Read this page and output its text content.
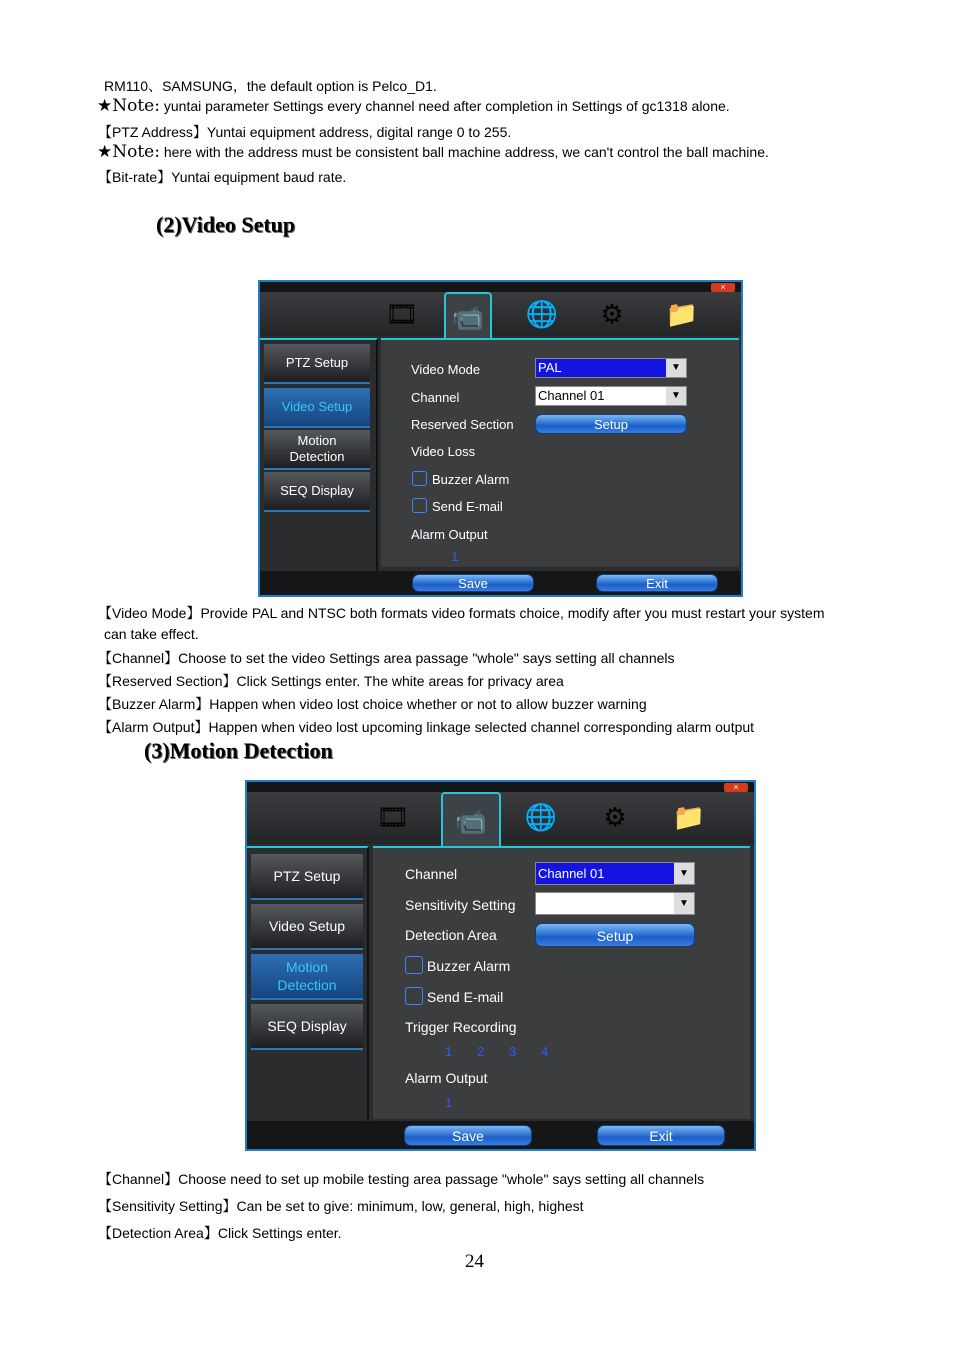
RM110、SAMSUNG，the default option is Pelco_D1.
★Note: yuntai parameter Settings every channel need after completion in Settings of gc1318 alone.
【PTZ Address】Yuntai equipment address, digital range 0 to 255.
★Note: here with the address must be consistent ball machine address, we can't control the ball machine.
【Bit-rate】Yuntai equipment baud rate.
(2)Video Setup
×
🎞	📹	🌐	⚙	📁
PTZ Setup
Video Setup
Motion
Detection
SEQ Display
Video Mode	PAL	▼
Channel	Channel 01	▼
Reserved Section	Setup
Video Loss
Buzzer Alarm
Send E-mail
Alarm Output
1
Save	Exit
【Video Mode】Provide PAL and NTSC both formats video formats choice, modify after you must restart your system
can take effect.
【Channel】Choose to set the video Settings area passage "whole" says setting all channels
【Reserved Section】Click Settings enter. The white areas for privacy area
【Buzzer Alarm】Happen when video lost choice whether or not to allow buzzer warning
【Alarm Output】Happen when video lost upcoming linkage selected channel corresponding alarm output
(3)Motion Detection
×
🎞	📹	🌐	⚙	📁
PTZ Setup
Video Setup
Motion
Detection
SEQ Display
Channel	Channel 01	▼
Sensitivity Setting	▼
Detection Area	Setup
Buzzer Alarm
Send E-mail
Trigger Recording
1 2 3 4
Alarm Output
1
Save	Exit
【Channel】Choose need to set up mobile testing area passage "whole" says setting all channels
【Sensitivity Setting】Can be set to give: minimum, low, general, high, highest
【Detection Area】Click Settings enter.
24
